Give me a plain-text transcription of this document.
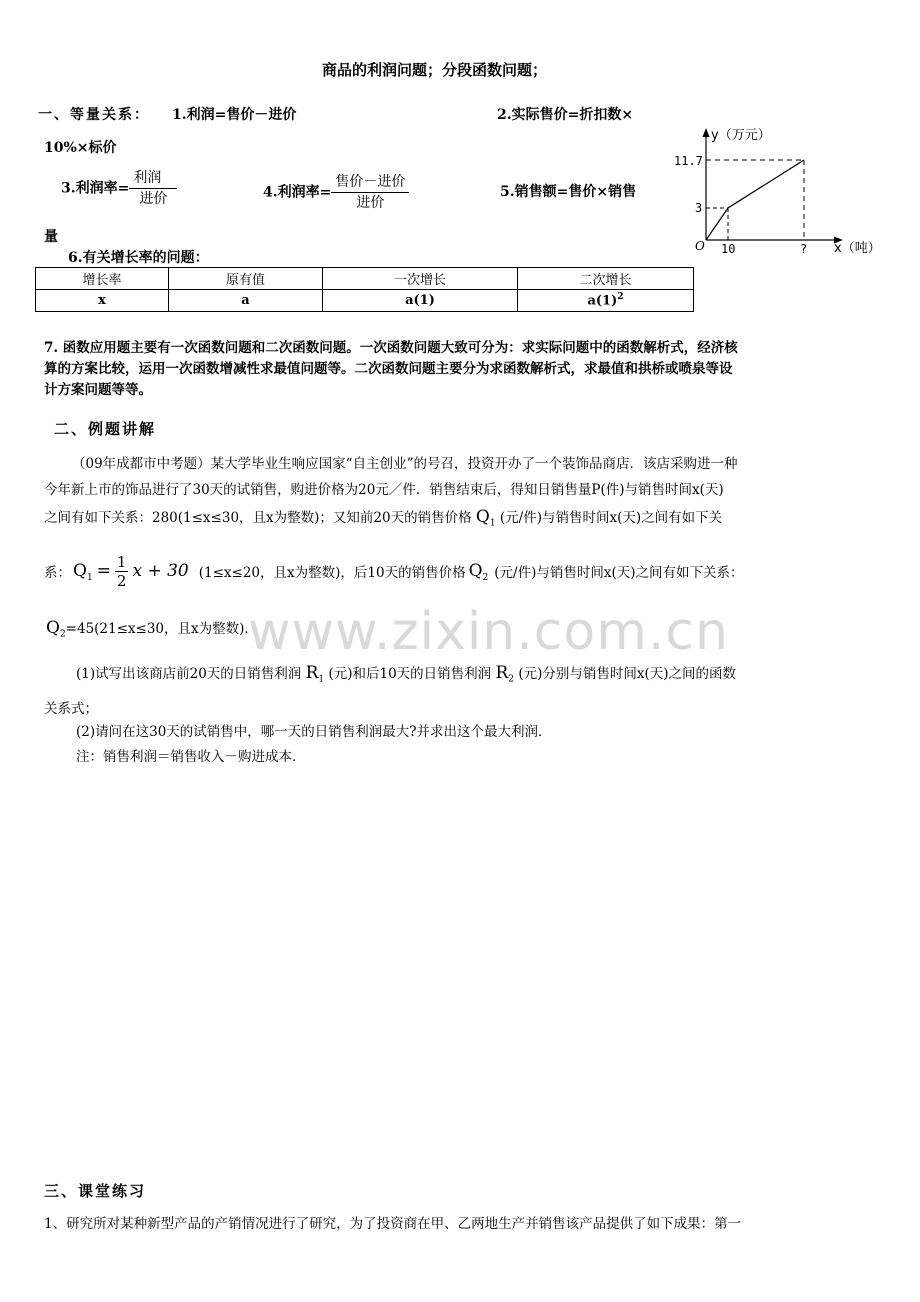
商品的利润问题；分段函数问题；
一、等量关系： 1.利润=售价－进价	2.实际售价=折扣数×
10%×标价
3.利润率= $\frac{\text{利润}}{\text{进价}}$	4.利润率= $\frac{\text{售价－进价}}{\text{进价}}$	5.销售额=售价×销售
量
6.有关增长率的问题：
增长率	原有值	一次增长	二次增长
x	a	a(1)	$a(1)^2$
y（万元）
11.7
3
O 10	? x（吨）
7. 函数应用题主要有一次函数问题和二次函数问题。一次函数问题大致可分为：求实际问题中的函数解析式，经济核
算的方案比较，运用一次函数增减性求最值问题等。二次函数问题主要分为求函数解析式，求最值和拱桥或喷泉等设
计方案问题等等。
二、例题讲解
（09年成都市中考题）某大学毕业生响应国家“自主创业”的号召，投资开办了一个装饰品商店．该店采购进一种
今年新上市的饰品进行了30天的试销售，购进价格为20元／件．销售结束后，得知日销售量P(件)与销售时间x(天)
之间有如下关系：280(1≤x≤30，且x为整数)；又知前20天的销售价格 $Q_1$ (元/件)与销售时间x(天)之间有如下关
系： $Q_1 = \frac{1}{2}$ x + 30 (1≤x≤20，且x为整数)，后10天的销售价格 $Q_2$ (元/件)与销售时间x(天)之间有如下关系：
$Q_2=45(21\le x\le 30$，且x为整数)．
(1)试写出该商店前20天的日销售利润 $R_1$ (元)和后10天的日销售利润 $R_2$ (元)分别与销售时间x(天)之间的函数
关系式；
(2)请问在这30天的试销售中，哪一天的日销售利润最大?并求出这个最大利润．
注：销售利润＝销售收入－购进成本．
www.zixin.com.cn
三、课堂练习
1、研究所对某种新型产品的产销情况进行了研究，为了投资商在甲、乙两地生产并销售该产品提供了如下成果：第一
